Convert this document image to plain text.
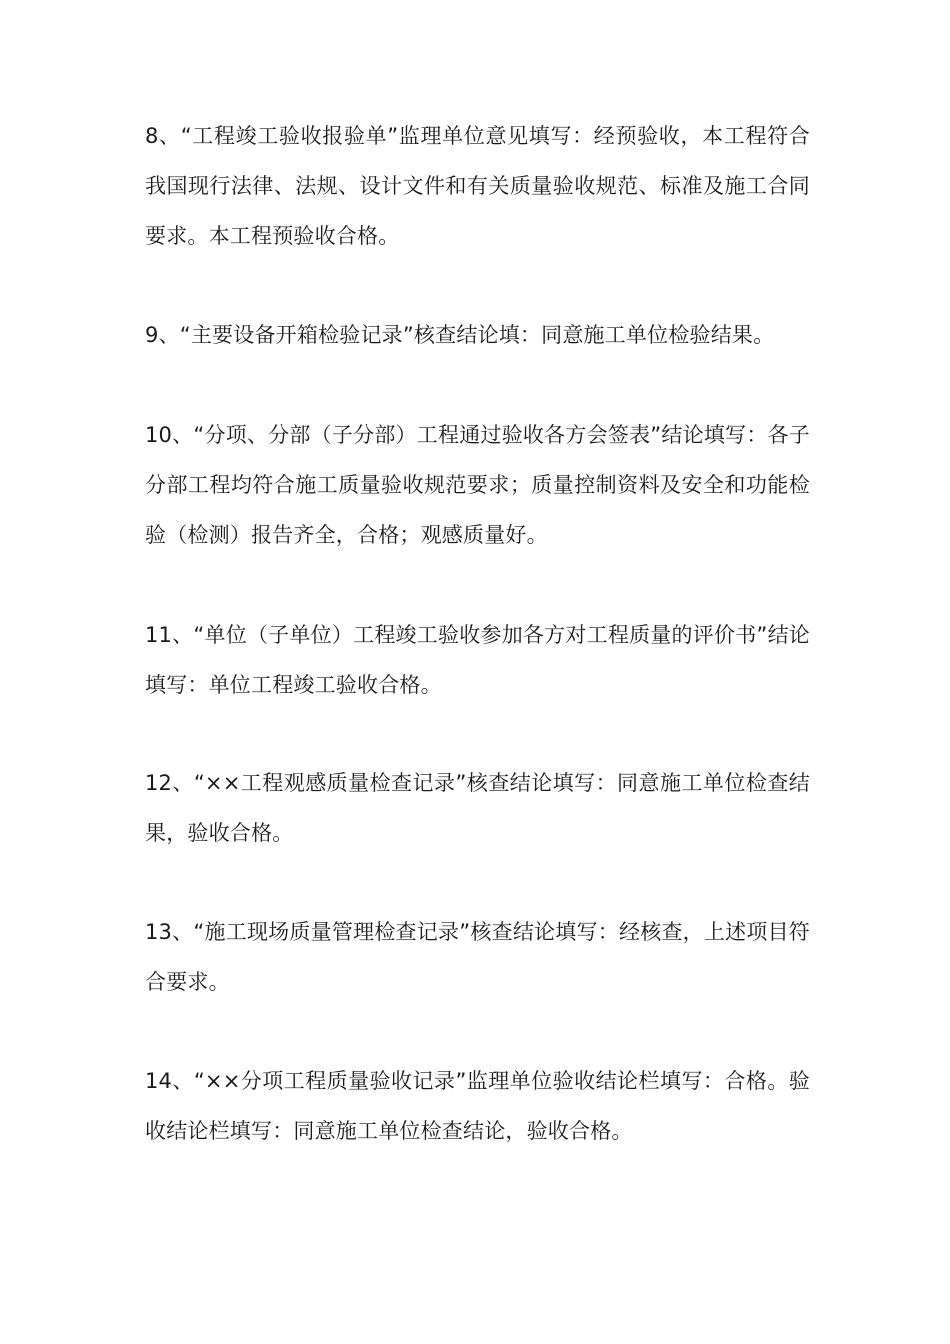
8、“工程竣工验收报验单”监理单位意见填写：经预验收，本工程符合我国现行法律、法规、设计文件和有关质量验收规范、标准及施工合同要求。本工程预验收合格。

9、“主要设备开箱检验记录”核查结论填：同意施工单位检验结果。

10、“分项、分部（子分部）工程通过验收各方会签表”结论填写：各子分部工程均符合施工质量验收规范要求；质量控制资料及安全和功能检验（检测）报告齐全，合格；观感质量好。

11、“单位（子单位）工程竣工验收参加各方对工程质量的评价书”结论填写：单位工程竣工验收合格。

12、“××工程观感质量检查记录”核查结论填写：同意施工单位检查结果，验收合格。

13、“施工现场质量管理检查记录”核查结论填写：经核查，上述项目符合要求。

14、“××分项工程质量验收记录”监理单位验收结论栏填写：合格。验收结论栏填写：同意施工单位检查结论，验收合格。
